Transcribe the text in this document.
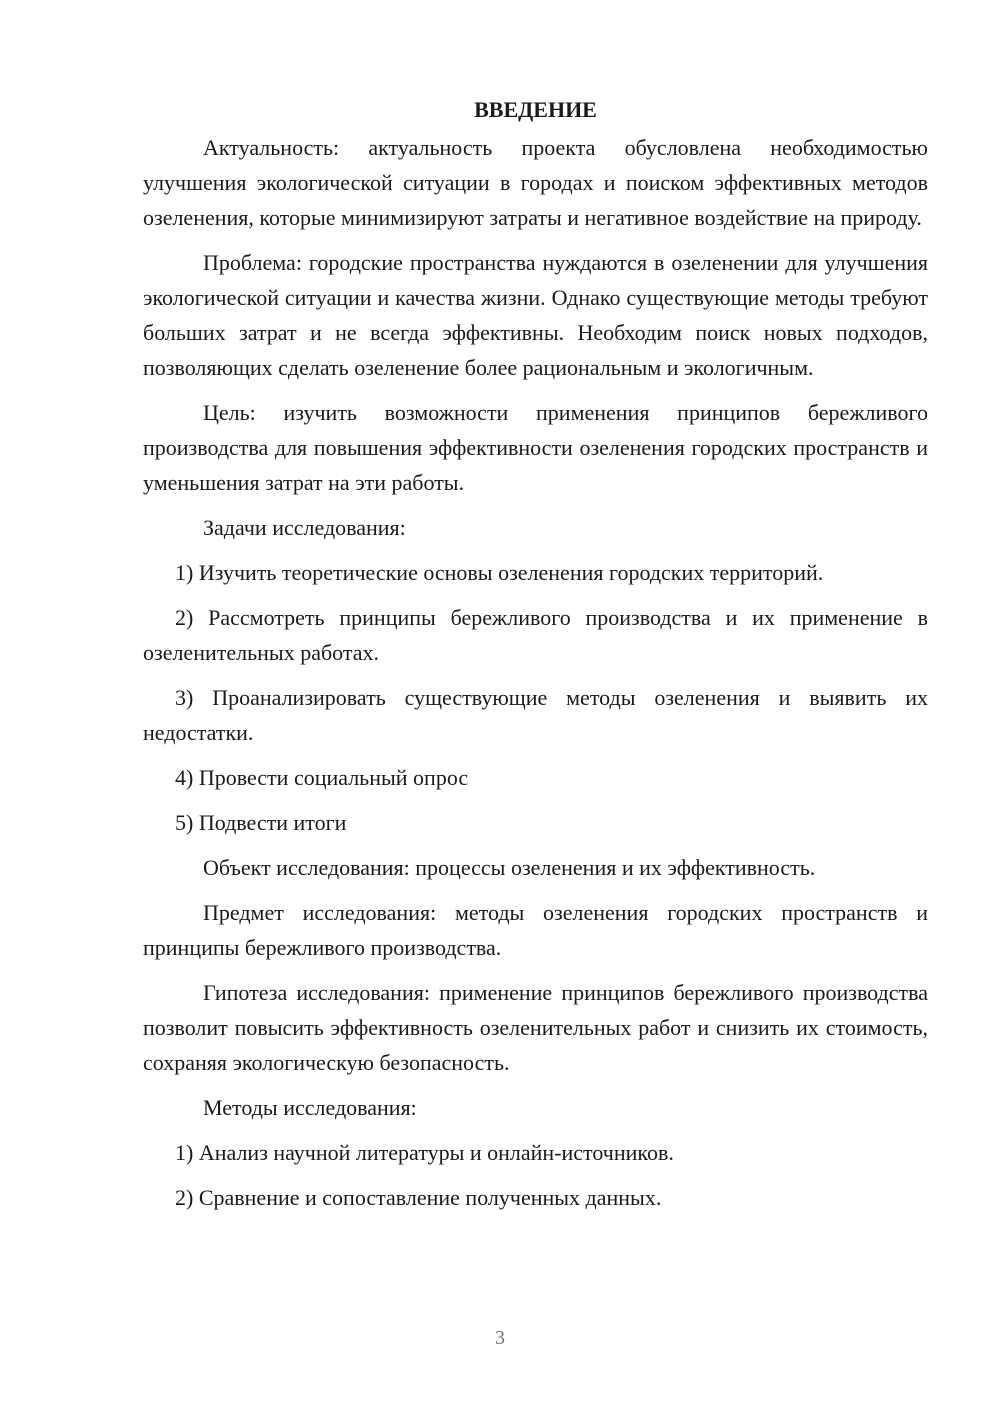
ВВЕДЕНИЕ

Актуальность: актуальность проекта обусловлена необходимостью улучшения экологической ситуации в городах и поиском эффективных методов озеленения, которые минимизируют затраты и негативное воздействие на природу.

Проблема: городские пространства нуждаются в озеленении для улучшения экологической ситуации и качества жизни. Однако существующие методы требуют больших затрат и не всегда эффективны. Необходим поиск новых подходов, позволяющих сделать озеленение более рациональным и экологичным.

Цель: изучить возможности применения принципов бережливого производства для повышения эффективности озеленения городских пространств и уменьшения затрат на эти работы.

Задачи исследования:

1) Изучить теоретические основы озеленения городских территорий.

2) Рассмотреть принципы бережливого производства и их применение в озеленительных работах.

3) Проанализировать существующие методы озеленения и выявить их недостатки.

4) Провести социальный опрос

5) Подвести итоги

Объект исследования: процессы озеленения и их эффективность.

Предмет исследования: методы озеленения городских пространств и принципы бережливого производства.

Гипотеза исследования: применение принципов бережливого производства позволит повысить эффективность озеленительных работ и снизить их стоимость, сохраняя экологическую безопасность.

Методы исследования:

1) Анализ научной литературы и онлайн-источников.

2) Сравнение и сопоставление полученных данных.

3
